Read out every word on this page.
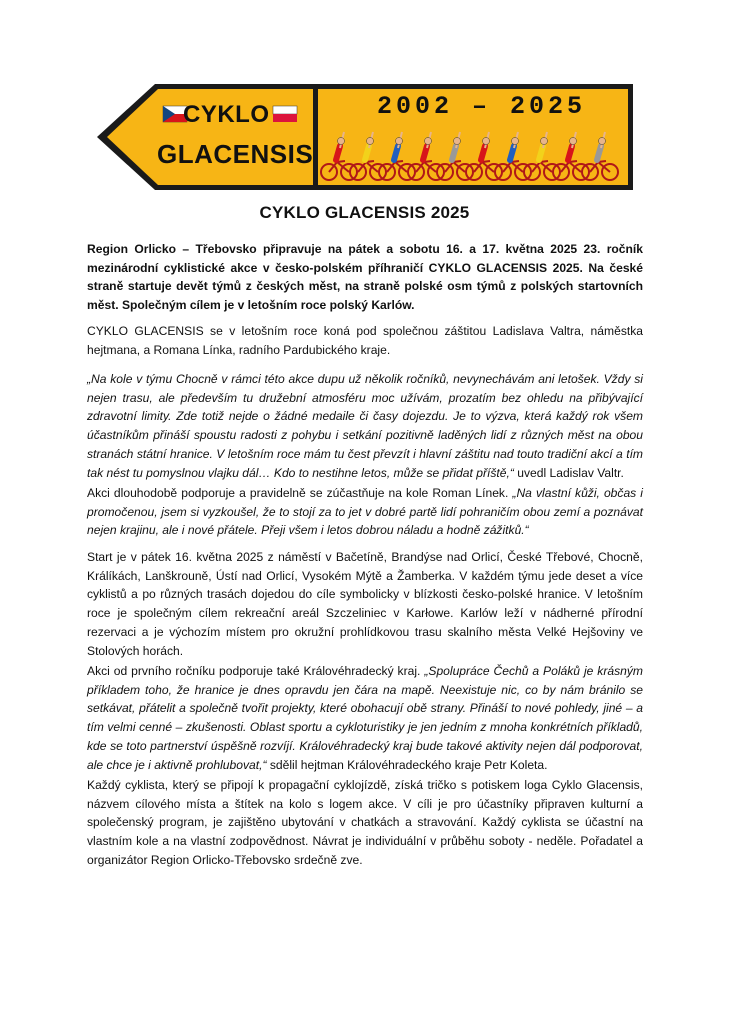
CYKLO
GLACENSIS
2002 – 2025
CYKLO GLACENSIS 2025

Region Orlicko – Třebovsko připravuje na pátek a sobotu 16. a 17. května 2025 23. ročník mezinárodní cyklistické akce v česko-polském příhraničí CYKLO GLACENSIS 2025. Na české straně startuje devět týmů z českých měst, na straně polské osm týmů z polských startovních měst. Společným cílem je v letošním roce polský Karlów.

CYKLO GLACENSIS se v letošním roce koná pod společnou záštitou Ladislava Valtra, náměstka hejtmana, a Romana Línka, radního Pardubického kraje.

„Na kole v týmu Chocně v rámci této akce dupu už několik ročníků, nevynechávám ani letošek. Vždy si nejen trasu, ale především tu družební atmosféru moc užívám, prozatím bez ohledu na přibývající zdravotní limity. Zde totiž nejde o žádné medaile či časy dojezdu. Je to výzva, která každý rok všem účastníkům přináší spoustu radosti z pohybu i setkání pozitivně laděných lidí z různých měst na obou stranách státní hranice. V letošním roce mám tu čest převzít i hlavní záštitu nad touto tradiční akcí a tím tak nést tu pomyslnou vlajku dál… Kdo to nestihne letos, může se přidat příště,“ uvedl Ladislav Valtr.

Akci dlouhodobě podporuje a pravidelně se zúčastňuje na kole Roman Línek. „Na vlastní kůži, občas i promočenou, jsem si vyzkoušel, že to stojí za to jet v dobré partě lidí pohraničím obou zemí a poznávat nejen krajinu, ale i nové přátele. Přeji všem i letos dobrou náladu a hodně zážitků.“

Start je v pátek 16. května 2025 z náměstí v Bačetíně, Brandýse nad Orlicí, České Třebové, Chocně, Králíkách, Lanškrouně, Ústí nad Orlicí, Vysokém Mýtě a Žamberka. V každém týmu jede deset a více cyklistů a po různých trasách dojedou do cíle symbolicky v blízkosti česko-polské hranice. V letošním roce je společným cílem rekreační areál Szczeliniec v Karłowe. Karlów leží v nádherné přírodní rezervaci a je výchozím místem pro okružní prohlídkovou trasu skalního města Velké Hejšoviny ve Stolových horách.

Akci od prvního ročníku podporuje také Královéhradecký kraj. „Spolupráce Čechů a Poláků je krásným příkladem toho, že hranice je dnes opravdu jen čára na mapě. Neexistuje nic, co by nám bránilo se setkávat, přátelit a společně tvořit projekty, které obohacují obě strany. Přináší to nové pohledy, jiné – a tím velmi cenné – zkušenosti. Oblast sportu a cykloturistiky je jen jedním z mnoha konkrétních příkladů, kde se toto partnerství úspěšně rozvíjí. Královéhradecký kraj bude takové aktivity nejen dál podporovat, ale chce je i aktivně prohlubovat,“ sdělil hejtman Královéhradeckého kraje Petr Koleta.

Každý cyklista, který se připojí k propagační cyklojízdě, získá tričko s potiskem loga Cyklo Glacensis, názvem cílového místa a štítek na kolo s logem akce. V cíli je pro účastníky připraven kulturní a společenský program, je zajištěno ubytování v chatkách a stravování. Každý cyklista se účastní na vlastním kole a na vlastní zodpovědnost. Návrat je individuální v průběhu soboty - neděle. Pořadatel a organizátor Region Orlicko-Třebovsko srdečně zve.
